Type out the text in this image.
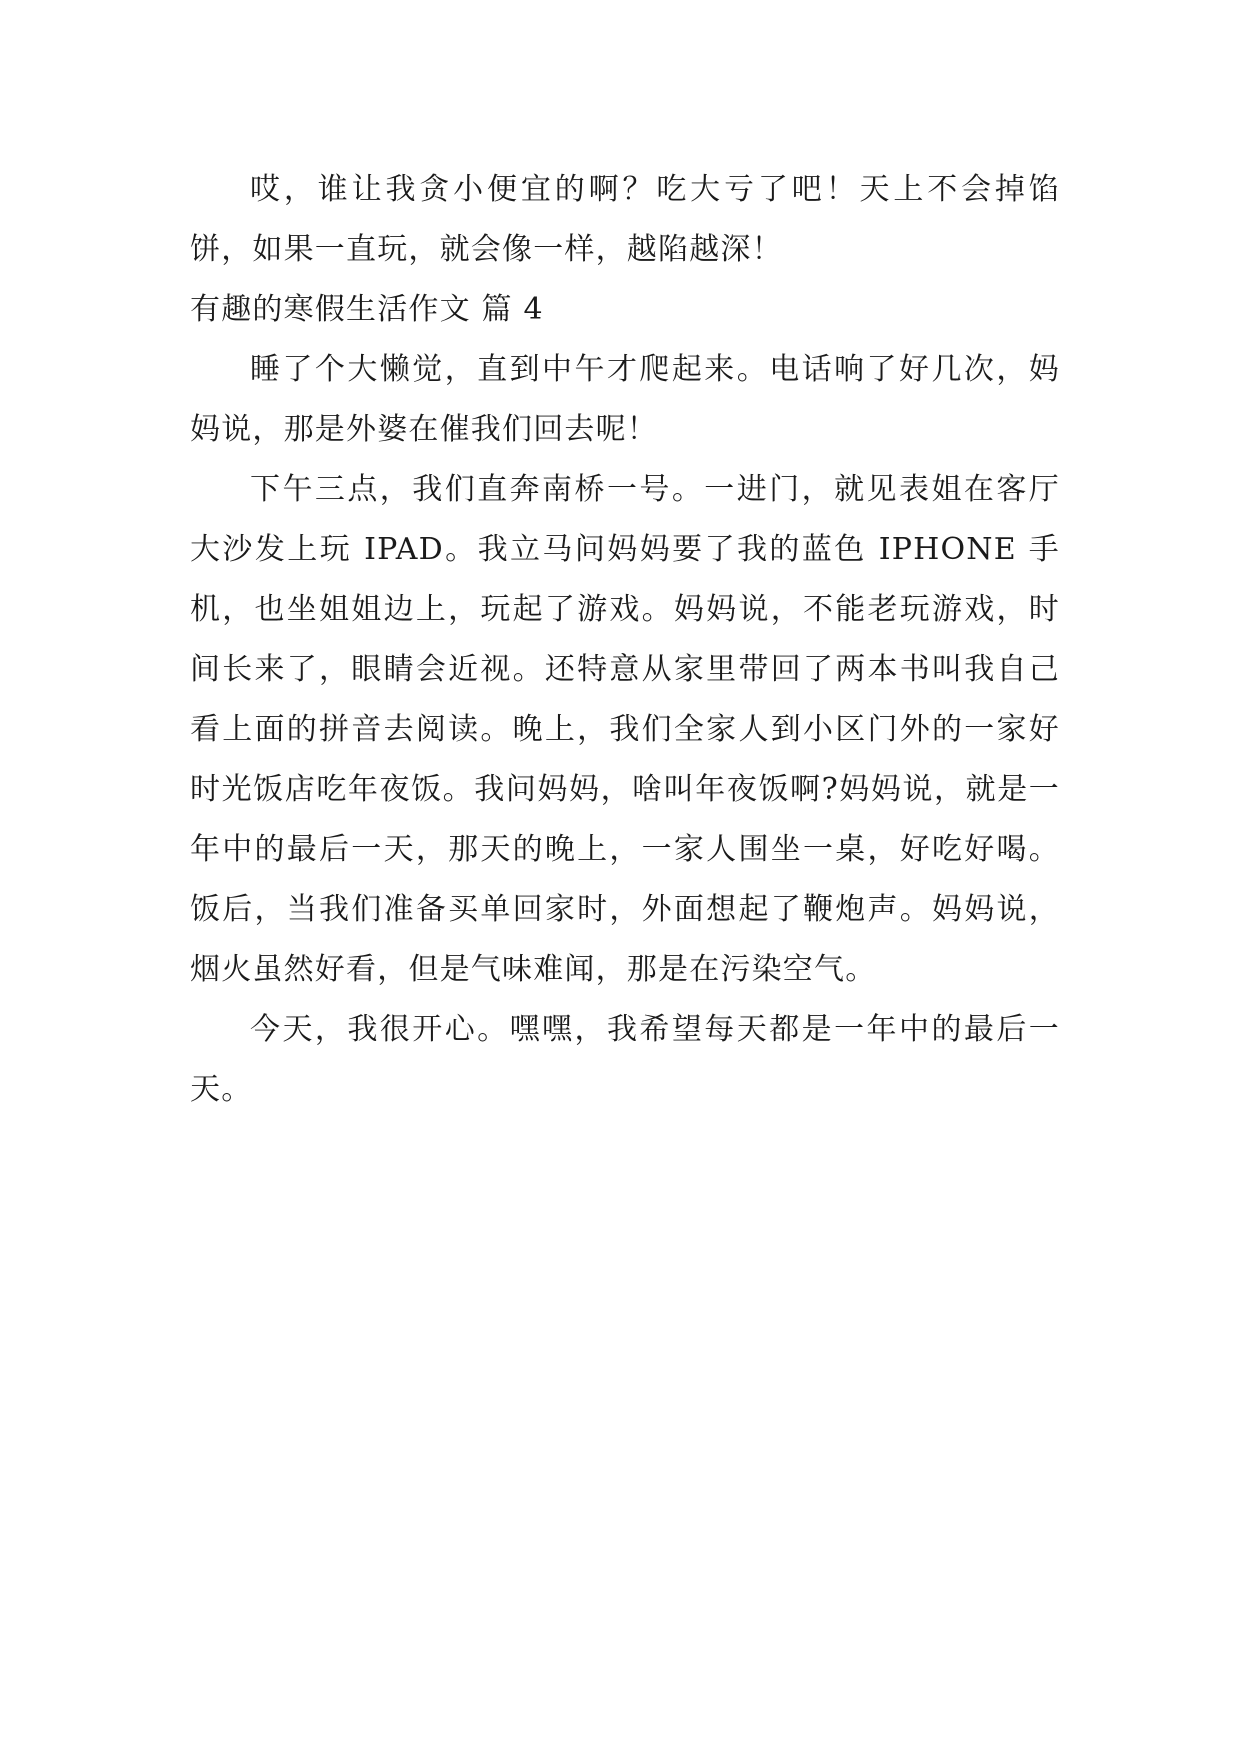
哎，谁让我贪小便宜的啊？吃大亏了吧！天上不会掉馅饼，如果一直玩，就会像一样，越陷越深！

有趣的寒假生活作文 篇 4

睡了个大懒觉，直到中午才爬起来。电话响了好几次，妈妈说，那是外婆在催我们回去呢！

下午三点，我们直奔南桥一号。一进门，就见表姐在客厅大沙发上玩 IPAD。我立马问妈妈要了我的蓝色 IPHONE 手机，也坐姐姐边上，玩起了游戏。妈妈说，不能老玩游戏，时间长来了，眼睛会近视。还特意从家里带回了两本书叫我自己看上面的拼音去阅读。晚上，我们全家人到小区门外的一家好时光饭店吃年夜饭。我问妈妈，啥叫年夜饭啊?妈妈说，就是一年中的最后一天，那天的晚上，一家人围坐一桌，好吃好喝。饭后，当我们准备买单回家时，外面想起了鞭炮声。妈妈说，烟火虽然好看，但是气味难闻，那是在污染空气。

今天，我很开心。嘿嘿，我希望每天都是一年中的最后一天。
